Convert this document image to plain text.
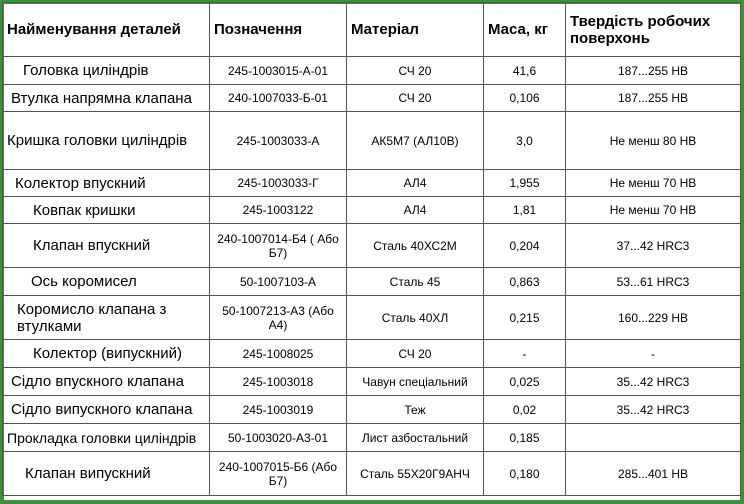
Найменування деталей	Позначення	Матеріал	Маса, кг	Твердість робочих поверхонь
Головка циліндрів	245-1003015-А-01	СЧ 20	41,6	187...255 HB
Втулка напрямна клапана	240-1007033-Б-01	СЧ 20	0,106	187...255 HB
Кришка головки циліндрів	245-1003033-А	АК5М7 (АЛ10В)	3,0	Не менш 80 HB
Колектор впускний	245-1003033-Г	АЛ4	1,955	Не менш 70 HB
Ковпак кришки	245-1003122	АЛ4	1,81	Не менш 70 HB
Клапан впускний	240-1007014-Б4 ( Або Б7)	Сталь 40ХС2М	0,204	37...42 HRC3
Ось коромисел	50-1007103-А	Сталь 45	0,863	53...61 HRC3
Коромисло клапана з втулками	50-1007213-А3 (Або А4)	Сталь 40ХЛ	0,215	160...229 HB
Колектор (випускний)	245-1008025	СЧ 20	-	-
Сідло впускного клапана	245-1003018	Чавун спеціальний	0,025	35...42 HRC3
Сідло випускного клапана	245-1003019	Теж	0,02	35...42 HRC3
Прокладка головки циліндрів	50-1003020-А3-01	Лист азбостальний	0,185	
Клапан випускний	240-1007015-Б6 (Або Б7)	Сталь 55Х20Г9АНЧ	0,180	285...401 HB
